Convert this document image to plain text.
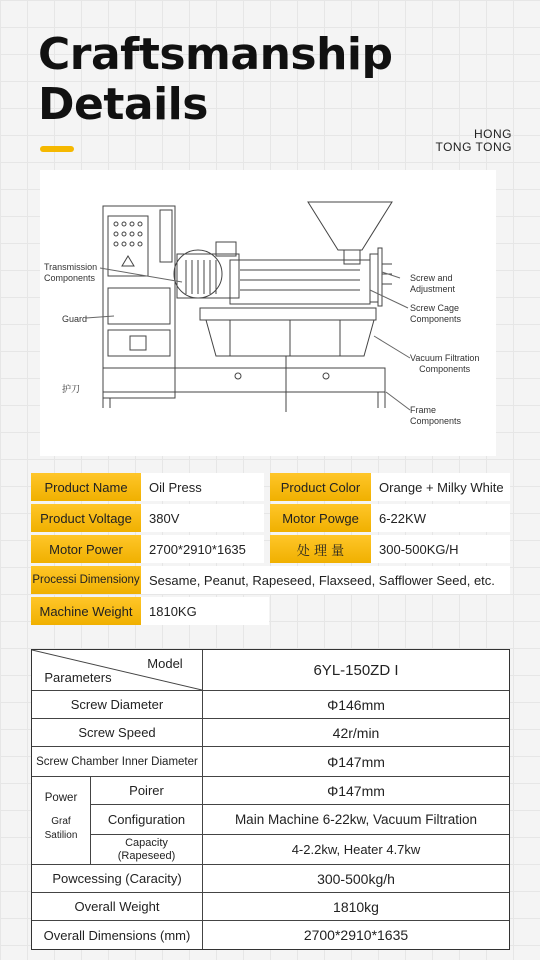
Craftsmanship
Details
HONG
TONG TONG
Transmission
Components
Guard
护刀
Screw and Adjustment
Screw Cage
Components
Vacuum Filtration
Components
Frame
Components
Product Name	Oil Press	Product Color	Orange + Milky White
Product Voltage	380V	Motor Powge	6-22KW
Motor Power	2700*2910*1635	处 理 量	300-500KG/H
Processi Dimensiony Sesame, Peanut, Rapeseed, Flaxseed, Safflower Seed, etc.
Machine Weight	1810KG
Model
Parameters	6YL-150ZD I
Screw Diameter	Φ146mm
Screw Speed	42r/min
Screw Chamber Inner Diameter	Φ147mm
Power
Graf
Satilion
Poirer	Φ147mm
Configuration	Main Machine 6-22kw, Vacuum Filtration
Capacity
(Rapeseed)	4-2.2kw, Heater 4.7kw
Powcessing (Caracity)	300-500kg/h
Overall Weight	1810kg
Overall Dimensions (mm)	2700*2910*1635
